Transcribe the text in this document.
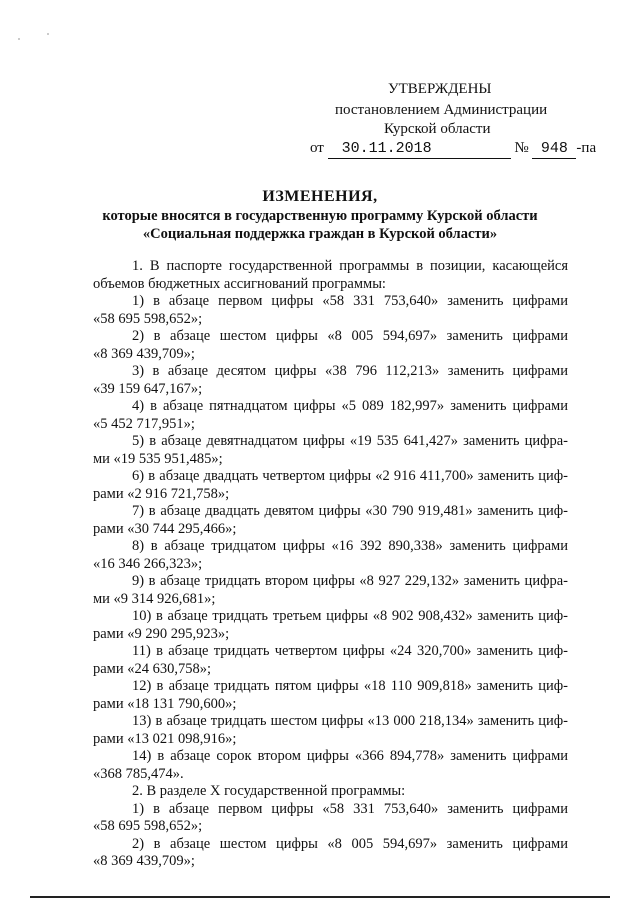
УТВЕРЖДЕНЫ
постановлением Администрации
Курской области
от 30.11.2018	№ 948 -па
ИЗМЕНЕНИЯ,
которые вносятся в государственную программу Курской области
«Социальная поддержка граждан в Курской области»

1. В паспорте государственной программы в позиции, касающейся

объемов бюджетных ассигнований программы:

1) в абзаце первом цифры «58 331 753,640» заменить цифрами

«58 695 598,652»;

2) в абзаце шестом цифры «8 005 594,697» заменить цифрами

«8 369 439,709»;

3) в абзаце десятом цифры «38 796 112,213» заменить цифрами

«39 159 647,167»;

4) в абзаце пятнадцатом цифры «5 089 182,997» заменить цифрами

«5 452 717,951»;

5) в абзаце девятнадцатом цифры «19 535 641,427» заменить цифра-

ми «19 535 951,485»;

6) в абзаце двадцать четвертом цифры «2 916 411,700» заменить циф-

рами «2 916 721,758»;

7) в абзаце двадцать девятом цифры «30 790 919,481» заменить циф-

рами «30 744 295,466»;

8) в абзаце тридцатом цифры «16 392 890,338» заменить цифрами

«16 346 266,323»;

9) в абзаце тридцать втором цифры «8 927 229,132» заменить цифра-

ми «9 314 926,681»;

10) в абзаце тридцать третьем цифры «8 902 908,432» заменить циф-

рами «9 290 295,923»;

11) в абзаце тридцать четвертом цифры «24 320,700» заменить циф-

рами «24 630,758»;

12) в абзаце тридцать пятом цифры «18 110 909,818» заменить циф-

рами «18 131 790,600»;

13) в абзаце тридцать шестом цифры «13 000 218,134» заменить циф-

рами «13 021 098,916»;

14) в абзаце сорок втором цифры «366 894,778» заменить цифрами

«368 785,474».

2. В разделе X государственной программы:

1) в абзаце первом цифры «58 331 753,640» заменить цифрами

«58 695 598,652»;

2) в абзаце шестом цифры «8 005 594,697» заменить цифрами

«8 369 439,709»;
